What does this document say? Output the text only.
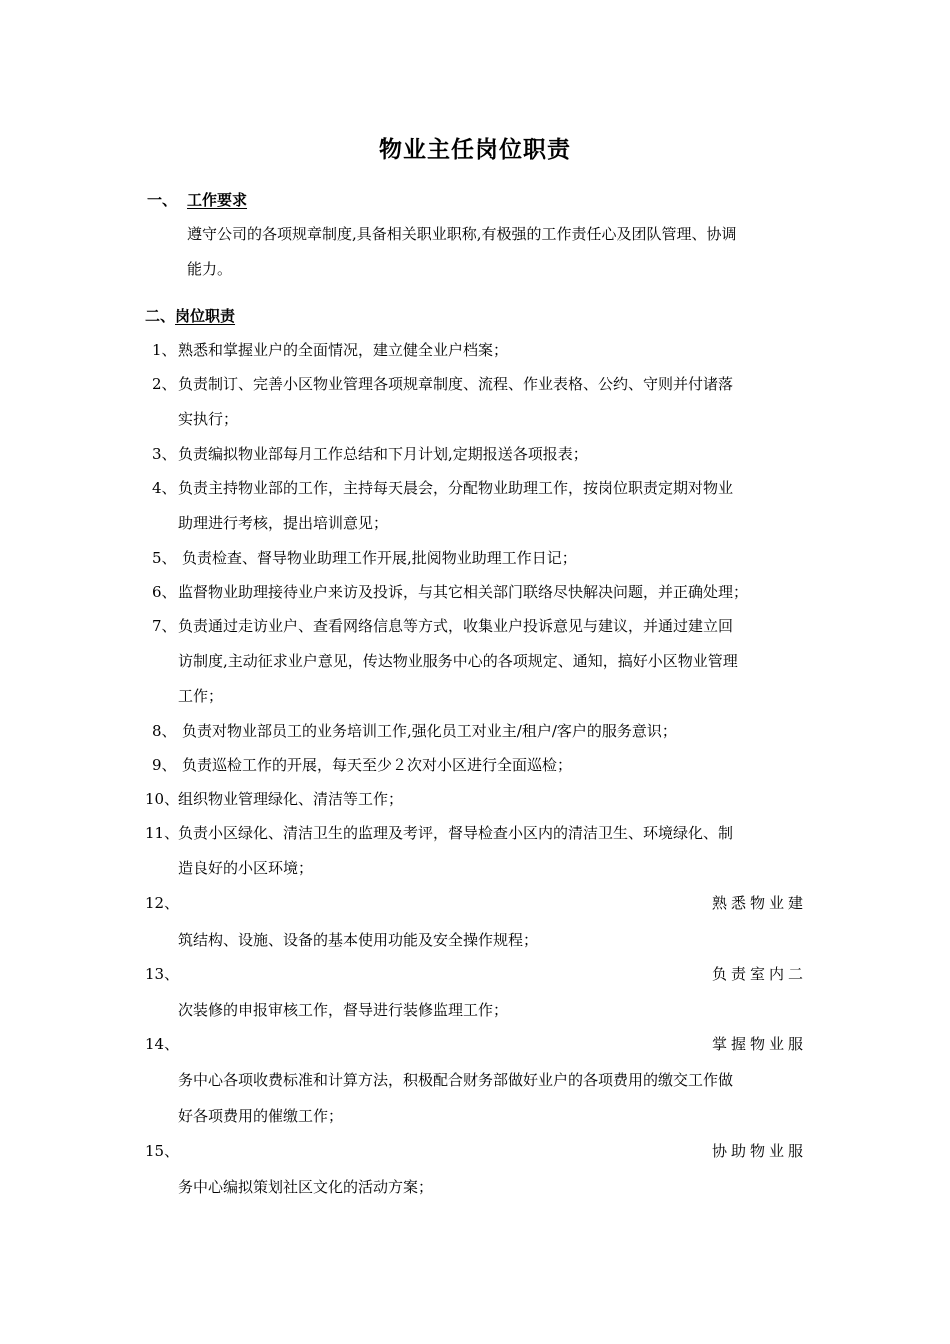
物业主任岗位职责
一、 工作要求
遵守公司的各项规章制度,具备相关职业职称,有极强的工作责任心及团队管理、协调
能力。
二、岗位职责
1、 熟悉和掌握业户的全面情况，建立健全业户档案；
2、 负责制订、完善小区物业管理各项规章制度、流程、作业表格、公约、守则并付诸落
实执行；
3、 负责编拟物业部每月工作总结和下月计划,定期报送各项报表；
4、 负责主持物业部的工作，主持每天晨会，分配物业助理工作，按岗位职责定期对物业
助理进行考核，提出培训意见；
5、 负责检查、督导物业助理工作开展,批阅物业助理工作日记；
6、 监督物业助理接待业户来访及投诉，与其它相关部门联络尽快解决问题，并正确处理；
7、 负责通过走访业户、查看网络信息等方式，收集业户投诉意见与建议，并通过建立回
访制度,主动征求业户意见，传达物业服务中心的各项规定、通知，搞好小区物业管理
工作；
8、 负责对物业部员工的业务培训工作,强化员工对业主/租户/客户的服务意识；
9、 负责巡检工作的开展，每天至少２次对小区进行全面巡检；
10、
组织物业管理绿化、清洁等工作；
11、
负责小区绿化、清洁卫生的监理及考评，督导检查小区内的清洁卫生、环境绿化、制
造良好的小区环境；
12、	熟悉物业建
筑结构、设施、设备的基本使用功能及安全操作规程；
13、	负责室内二
次装修的申报审核工作，督导进行装修监理工作；
14、	掌握物业服
务中心各项收费标准和计算方法，积极配合财务部做好业户的各项费用的缴交工作做
好各项费用的催缴工作；
15、	协助物业服
务中心编拟策划社区文化的活动方案；
